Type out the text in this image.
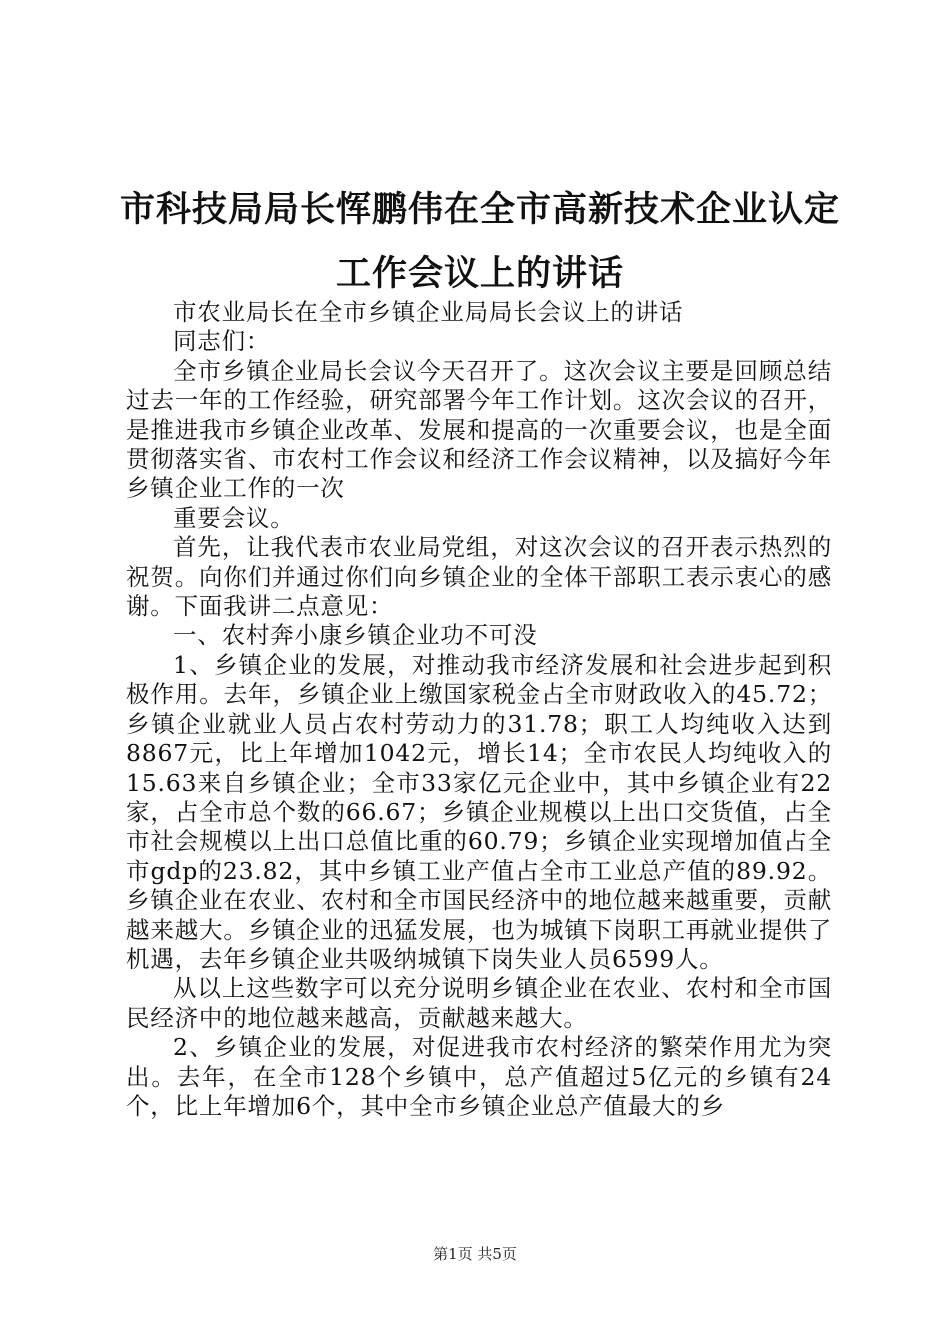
市科技局局长恽鹏伟在全市高新技术企业认定工作会议上的讲话

市农业局长在全市乡镇企业局局长会议上的讲话

同志们：

全市乡镇企业局长会议今天召开了。这次会议主要是回顾总结过去一年的工作经验，研究部署今年工作计划。这次会议的召开，是推进我市乡镇企业改革、发展和提高的一次重要会议，也是全面贯彻落实省、市农村工作会议和经济工作会议精神，以及搞好今年乡镇企业工作的一次

重要会议。

首先，让我代表市农业局党组，对这次会议的召开表示热烈的祝贺。向你们并通过你们向乡镇企业的全体干部职工表示衷心的感谢。下面我讲二点意见：

一、农村奔小康乡镇企业功不可没

1、乡镇企业的发展，对推动我市经济发展和社会进步起到积极作用。去年，乡镇企业上缴国家税金占全市财政收入的45.72；乡镇企业就业人员占农村劳动力的31.78；职工人均纯收入达到8867元，比上年增加1042元，增长14；全市农民人均纯收入的15.63来自乡镇企业；全市33家亿元企业中，其中乡镇企业有22家，占全市总个数的66.67；乡镇企业规模以上出口交货值，占全市社会规模以上出口总值比重的60.79；乡镇企业实现增加值占全市gdp的23.82，其中乡镇工业产值占全市工业总产值的89.92。乡镇企业在农业、农村和全市国民经济中的地位越来越重要，贡献越来越大。乡镇企业的迅猛发展，也为城镇下岗职工再就业提供了机遇，去年乡镇企业共吸纳城镇下岗失业人员6599人。

从以上这些数字可以充分说明乡镇企业在农业、农村和全市国民经济中的地位越来越高，贡献越来越大。

2、乡镇企业的发展，对促进我市农村经济的繁荣作用尤为突出。去年，在全市128个乡镇中，总产值超过5亿元的乡镇有24个，比上年增加6个，其中全市乡镇企业总产值最大的乡

第1页 共5页
